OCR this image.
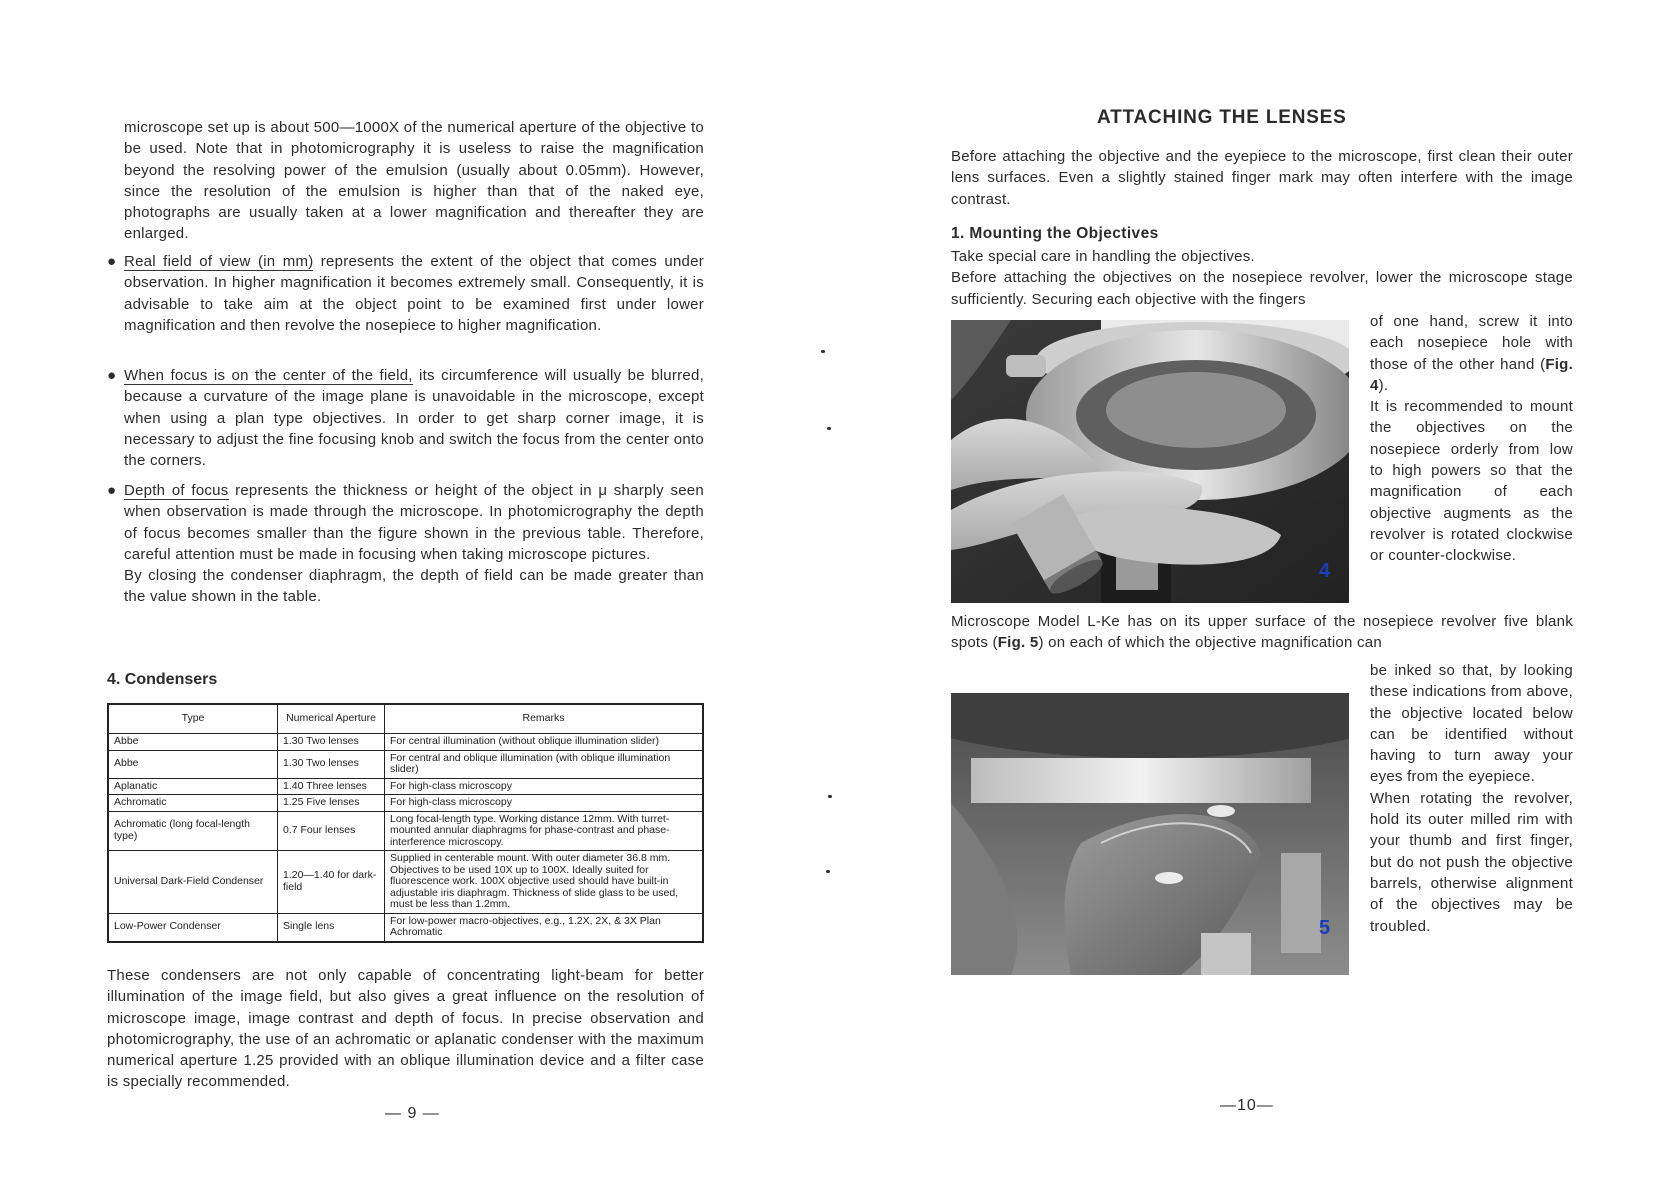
microscope set up is about 500—1000X of the numerical aperture of the objective to be used. Note that in photomicrography it is useless to raise the magnification beyond the resolving power of the emulsion (usually about 0.05mm). However, since the resolution of the emulsion is higher than that of the naked eye, photographs are usually taken at a lower magnification and thereafter they are enlarged.

● Real field of view (in mm) represents the extent of the object that comes under observation. In higher magnification it becomes extremely small. Consequently, it is advisable to take aim at the object point to be examined first under lower magnification and then revolve the nosepiece to higher magnification.

● When focus is on the center of the field, its circumference will usually be blurred, because a curvature of the image plane is unavoidable in the microscope, except when using a plan type objectives. In order to get sharp corner image, it is necessary to adjust the fine focusing knob and switch the focus from the center onto the corners.

● Depth of focus represents the thickness or height of the object in μ sharply seen when observation is made through the microscope. In photomicrography the depth of focus becomes smaller than the figure shown in the previous table. Therefore, careful attention must be made in focusing when taking microscope pictures.

By closing the condenser diaphragm, the depth of field can be made greater than the value shown in the table.

4. Condensers
Type	Numerical Aperture	Remarks
Abbe	1.30 Two lenses	For central illumination (without oblique illumination slider)
Abbe	1.30 Two lenses	For central and oblique illumination (with oblique illumination slider)
Aplanatic	1.40 Three lenses	For high-class microscopy
Achromatic	1.25 Five lenses	For high-class microscopy
Achromatic (long focal-length type)	0.7 Four lenses	Long focal-length type. Working distance 12mm. With turret-mounted annular diaphragms for phase-contrast and phase-interference microscopy.
Universal Dark-Field Condenser	1.20—1.40 for dark-field	Supplied in centerable mount. With outer diameter 36.8 mm. Objectives to be used 10X up to 100X. Ideally suited for fluorescence work. 100X objective used should have built-in adjustable iris diaphragm. Thickness of slide glass to be used, must be less than 1.2mm.
Low-Power Condenser	Single lens	For low-power macro-objectives, e.g., 1.2X, 2X, & 3X Plan Achromatic

These condensers are not only capable of concentrating light-beam for better illumination of the image field, but also gives a great influence on the resolution of microscope image, image contrast and depth of focus. In precise observation and photomicrography, the use of an achromatic or aplanatic condenser with the maximum numerical aperture 1.25 provided with an oblique illumination device and a filter case is specially recommended.

— 9 —
ATTACHING THE LENSES

Before attaching the objective and the eyepiece to the microscope, first clean their outer lens surfaces. Even a slightly stained finger mark may often interfere with the image contrast.

1. Mounting the Objectives

Take special care in handling the objectives.

Before attaching the objectives on the nosepiece revolver, lower the microscope stage sufficiently. Securing each objective with the fingers

4

of one hand, screw it into each nosepiece hole with those of the other hand (Fig. 4).

It is recommended to mount the objectives on the nosepiece orderly from low to high powers so that the magnification of each objective augments as the revolver is rotated clockwise or counter-clockwise.

Microscope Model L-Ke has on its upper surface of the nosepiece revolver five blank spots (Fig. 5) on each of which the objective magnification can

5

be inked so that, by looking these indications from above, the objective located below can be identified without having to turn away your eyes from the eyepiece.

When rotating the revolver, hold its outer milled rim with your thumb and first finger, but do not push the objective barrels, otherwise alignment of the objectives may be troubled.

—10—
